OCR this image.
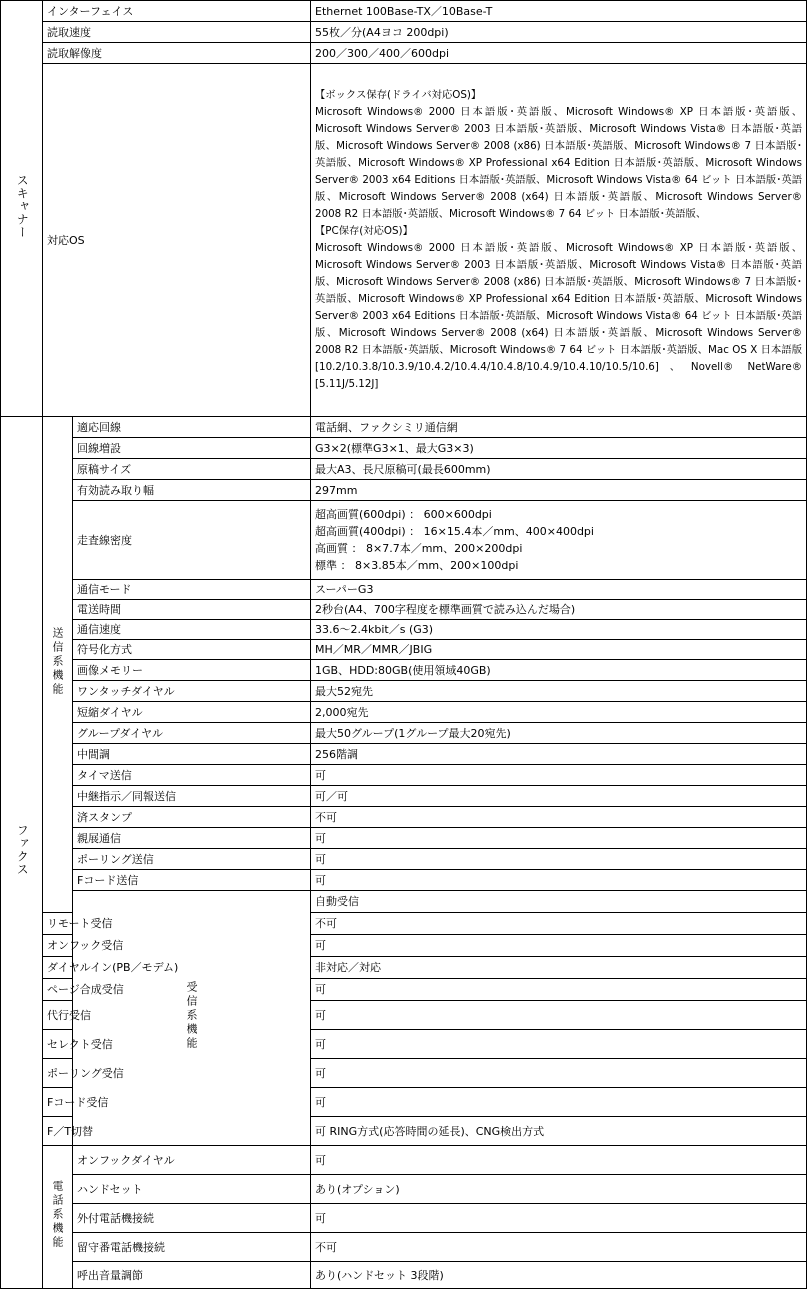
スキャナー	インターフェイス		Ethernet 100Base-TX／10Base-T	
	読取速度		55枚／分(A4ヨコ 200dpi)	
	読取解像度		200／300／400／600dpi	
	対応OS		【ボックス保存(ドライバ対応OS)】

Microsoft Windows® 2000 日本語版･英語版、Microsoft Windows® XP 日本語版･英語版、Microsoft Windows Server® 2003 日本語版･英語版、Microsoft Windows Vista® 日本語版･英語版、Microsoft Windows Server® 2008 (x86) 日本語版･英語版、Microsoft Windows® 7 日本語版･英語版、Microsoft Windows® XP Professional x64 Edition 日本語版･英語版、Microsoft Windows Server® 2003 x64 Editions 日本語版･英語版、Microsoft Windows Vista® 64 ビット 日本語版･英語版、Microsoft Windows Server® 2008 (x64) 日本語版･英語版、Microsoft Windows Server® 2008 R2 日本語版･英語版、Microsoft Windows® 7 64 ビット 日本語版･英語版、

【PC保存(対応OS)】

Microsoft Windows® 2000 日本語版･英語版、Microsoft Windows® XP 日本語版･英語版、Microsoft Windows Server® 2003 日本語版･英語版、Microsoft Windows Vista® 日本語版･英語版、Microsoft Windows Server® 2008 (x86) 日本語版･英語版、Microsoft Windows® 7 日本語版･英語版、Microsoft Windows® XP Professional x64 Edition 日本語版･英語版、Microsoft Windows Server® 2003 x64 Editions 日本語版･英語版、Microsoft Windows Vista® 64 ビット 日本語版･英語版、Microsoft Windows Server® 2008 (x64) 日本語版･英語版、Microsoft Windows Server® 2008 R2 日本語版･英語版、Microsoft Windows® 7 64 ビット 日本語版･英語版、Mac OS X 日本語版[10.2/10.3.8/10.3.9/10.4.2/10.4.4/10.4.8/10.4.9/10.4.10/10.5/10.6]、Novell® NetWare® [5.11J/5.12J]	

ファクス	送信系機能	適応回線	電話網、ファクシミリ通信網	
		回線増設	G3×2(標準G3×1、最大G3×3)	
		原稿サイズ	最大A3、長尺原稿可(最長600mm)	
		有効読み取り幅	297mm	
		走査線密度	超高画質(600dpi) ： 600×600dpi
超高画質(400dpi) ： 16×15.4本／mm、400×400dpi
高画質 ： 8×7.7本／mm、200×200dpi
標準 ： 8×3.85本／mm、200×100dpi	

		通信モード	スーパーG3	
		電送時間	2秒台(A4、700字程度を標準画質で読み込んだ場合)	
		通信速度	33.6～2.4kbit／s (G3)	
		符号化方式	MH／MR／MMR／JBIG	
		画像メモリー	1GB、HDD:80GB(使用領域40GB)	
		ワンタッチダイヤル	最大52宛先	
		短縮ダイヤル	2,000宛先	
		グループダイヤル	最大50グループ(1グループ最大20宛先)	
		中間調	256階調	
		タイマ送信	可	
		中継指示／同報送信	可／可	
		済スタンプ	不可	
		親展通信	可	
		ポーリング送信	可	
		Fコード送信	可	
		受信系機能	自動受信	
	リモート受信		不可	
	オンフック受信		可	
	ダイヤルイン(PB／モデム)		非対応／対応	
	ページ合成受信		可	
	代行受信		可	
	セレクト受信		可	
	ポーリング受信		可	
	Fコード受信		可	
	F／T切替		可 RING方式(応答時間の延長)、CNG検出方式	
	電話系機能	オンフックダイヤル	可	
		ハンドセット	あり(オプション)	
		外付電話機接続	可	
		留守番電話機接続	不可	
		呼出音量調節	あり(ハンドセット 3段階)	
